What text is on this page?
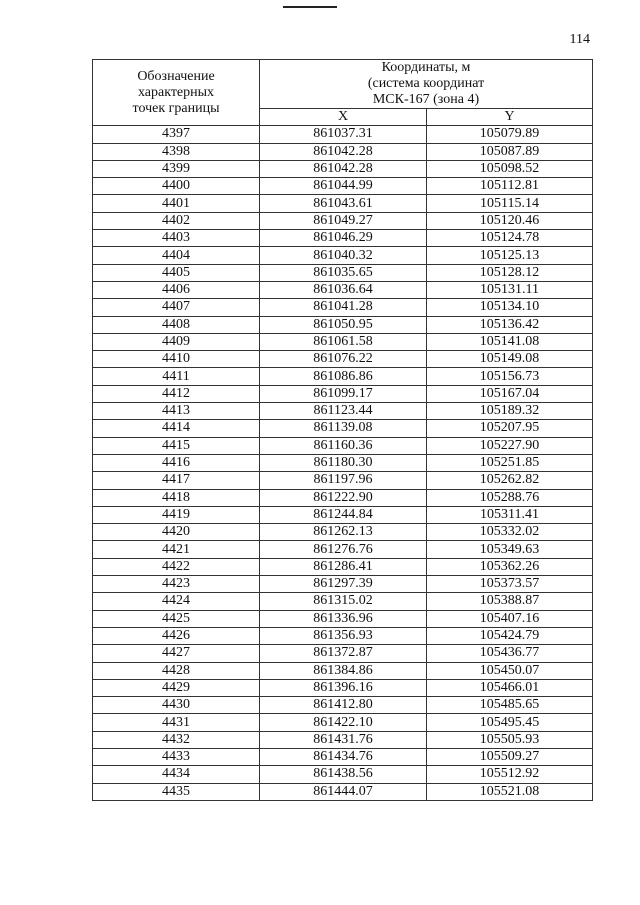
114
Обозначение
характерных
точек границы	Координаты, м
(система координат
МСК-167 (зона 4)	

	X	Y
4397	861037.31	105079.89
4398	861042.28	105087.89
4399	861042.28	105098.52
4400	861044.99	105112.81
4401	861043.61	105115.14
4402	861049.27	105120.46
4403	861046.29	105124.78
4404	861040.32	105125.13
4405	861035.65	105128.12
4406	861036.64	105131.11
4407	861041.28	105134.10
4408	861050.95	105136.42
4409	861061.58	105141.08
4410	861076.22	105149.08
4411	861086.86	105156.73
4412	861099.17	105167.04
4413	861123.44	105189.32
4414	861139.08	105207.95
4415	861160.36	105227.90
4416	861180.30	105251.85
4417	861197.96	105262.82
4418	861222.90	105288.76
4419	861244.84	105311.41
4420	861262.13	105332.02
4421	861276.76	105349.63
4422	861286.41	105362.26
4423	861297.39	105373.57
4424	861315.02	105388.87
4425	861336.96	105407.16
4426	861356.93	105424.79
4427	861372.87	105436.77
4428	861384.86	105450.07
4429	861396.16	105466.01
4430	861412.80	105485.65
4431	861422.10	105495.45
4432	861431.76	105505.93
4433	861434.76	105509.27
4434	861438.56	105512.92
4435	861444.07	105521.08
